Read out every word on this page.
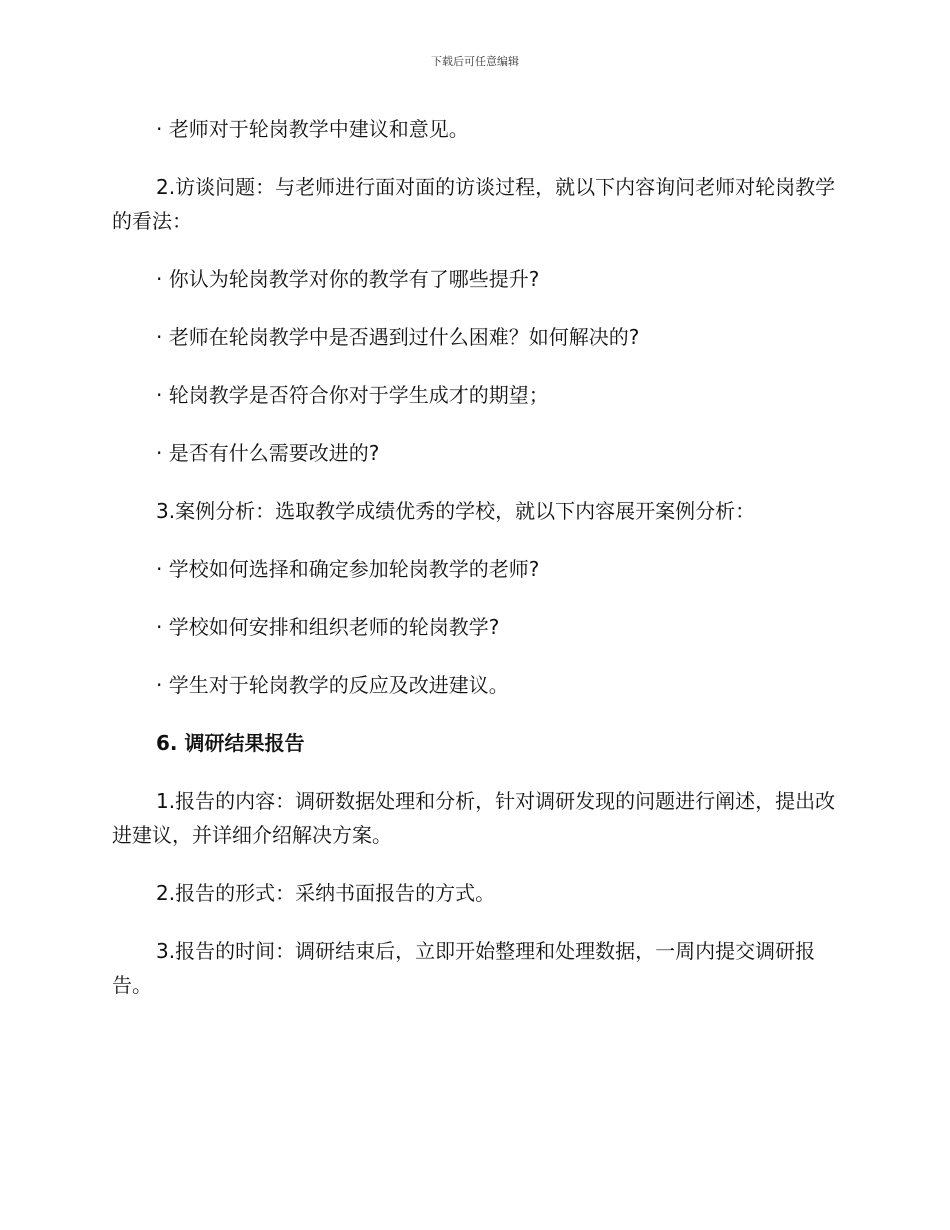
下载后可任意编辑

· 老师对于轮岗教学中建议和意见。

2.访谈问题：与老师进行面对面的访谈过程，就以下内容询问老师对轮岗教学的看法：

· 你认为轮岗教学对你的教学有了哪些提升?

· 老师在轮岗教学中是否遇到过什么困难？如何解决的?

· 轮岗教学是否符合你对于学生成才的期望；

· 是否有什么需要改进的?

3.案例分析：选取教学成绩优秀的学校，就以下内容展开案例分析：

· 学校如何选择和确定参加轮岗教学的老师?

· 学校如何安排和组织老师的轮岗教学?

· 学生对于轮岗教学的反应及改进建议。

6. 调研结果报告

1.报告的内容：调研数据处理和分析，针对调研发现的问题进行阐述，提出改进建议，并详细介绍解决方案。

2.报告的形式：采纳书面报告的方式。

3.报告的时间：调研结束后，立即开始整理和处理数据，一周内提交调研报告。
